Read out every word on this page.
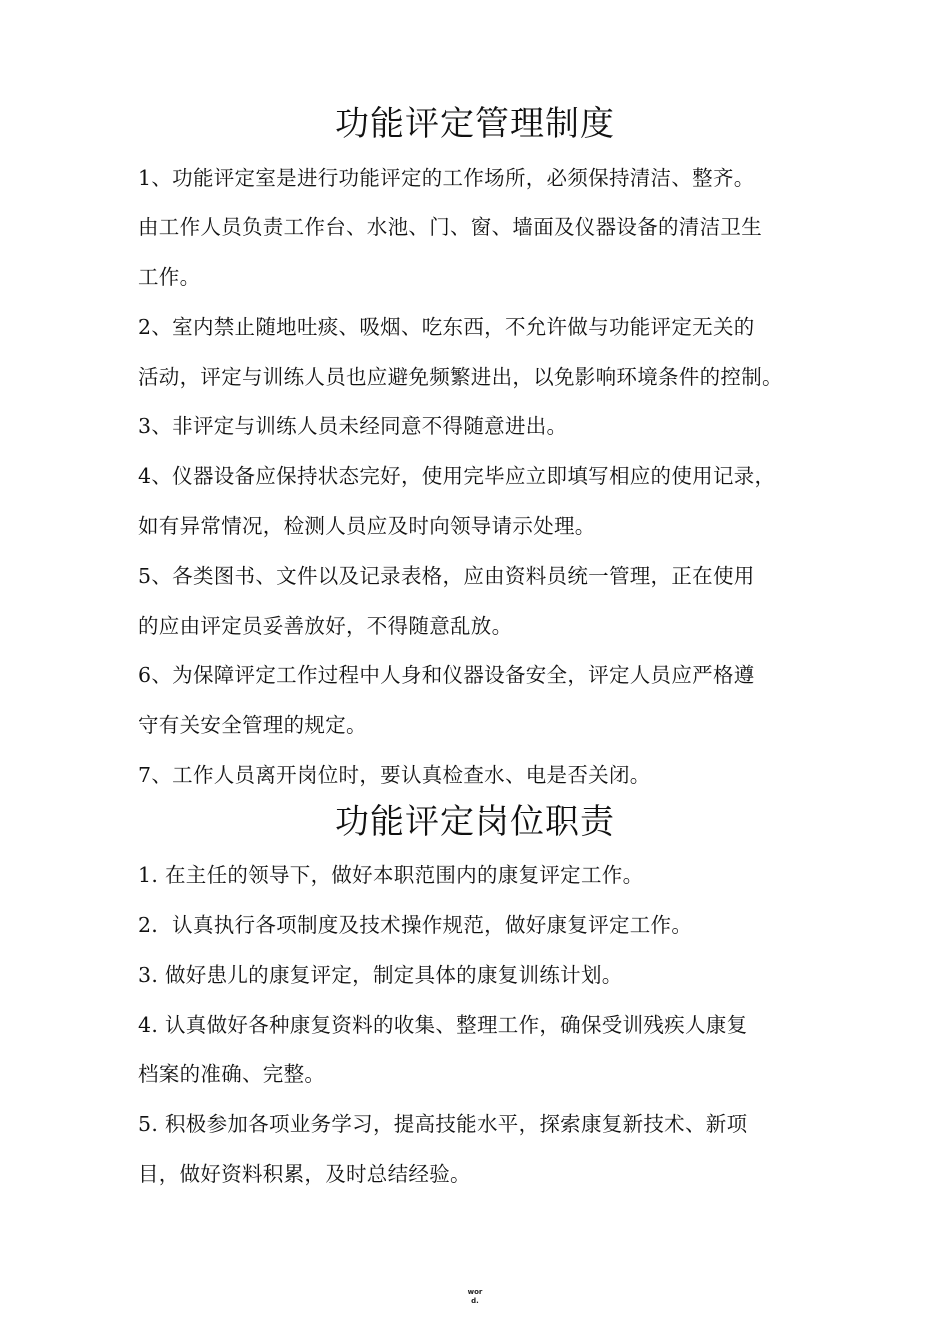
功能评定管理制度
1、功能评定室是进行功能评定的工作场所，必须保持清洁、整齐。
由工作人员负责工作台、水池、门、窗、墙面及仪器设备的清洁卫生
工作。
2、室内禁止随地吐痰、吸烟、吃东西，不允许做与功能评定无关的
活动，评定与训练人员也应避免频繁进出，以免影响环境条件的控制。
3、非评定与训练人员未经同意不得随意进出。
4、仪器设备应保持状态完好，使用完毕应立即填写相应的使用记录，
如有异常情况，检测人员应及时向领导请示处理。
5、各类图书、文件以及记录表格，应由资料员统一管理，正在使用
的应由评定员妥善放好，不得随意乱放。
6、为保障评定工作过程中人身和仪器设备安全，评定人员应严格遵
守有关安全管理的规定。
7、工作人员离开岗位时，要认真检查水、电是否关闭。
功能评定岗位职责
1. 在主任的领导下，做好本职范围内的康复评定工作。
2．认真执行各项制度及技术操作规范，做好康复评定工作。
3. 做好患儿的康复评定，制定具体的康复训练计划。
4. 认真做好各种康复资料的收集、整理工作，确保受训残疾人康复
档案的准确、完整。
5. 积极参加各项业务学习，提高技能水平，探索康复新技术、新项
目，做好资料积累，及时总结经验。
wor
d.
